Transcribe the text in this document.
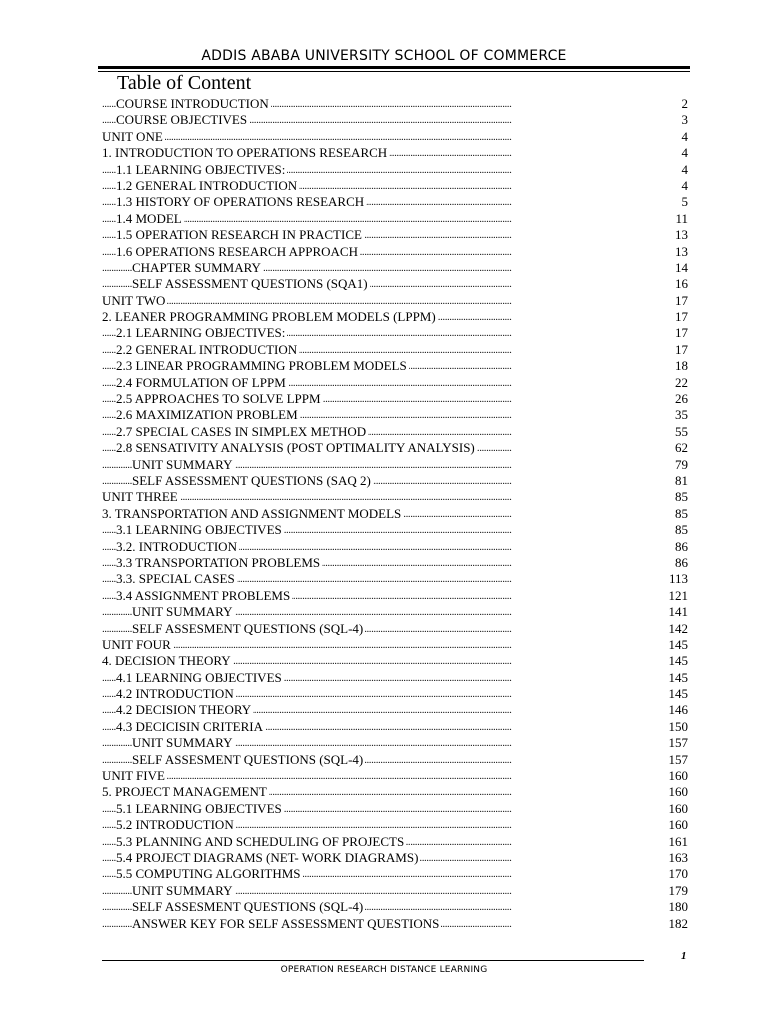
ADDIS ABABA UNIVERSITY SCHOOL OF COMMERCE
Table of Content
. . . COURSE INTRODUCTION	2
. . . COURSE OBJECTIVES	3
. . . UNIT ONE	4
. . . 1. INTRODUCTION TO OPERATIONS RESEARCH	4
. . . 1.1 LEARNING OBJECTIVES:	4
. . . 1.2 GENERAL INTRODUCTION	4
. . . 1.3 HISTORY OF OPERATIONS RESEARCH	5
. . . 1.4 MODEL	11
. . . 1.5 OPERATION RESEARCH IN PRACTICE	13
. . . 1.6 OPERATIONS RESEARCH APPROACH	13
. . . CHAPTER SUMMARY	14
. . . SELF ASSESSMENT QUESTIONS (SQA1)	16
. . . UNIT TWO	17
. . . 2. LEANER PROGRAMMING PROBLEM MODELS (LPPM)	17
. . . 2.1 LEARNING OBJECTIVES:	17
. . . 2.2 GENERAL INTRODUCTION	17
. . . 2.3 LINEAR PROGRAMMING PROBLEM MODELS	18
. . . 2.4 FORMULATION OF LPPM	22
. . . 2.5 APPROACHES TO SOLVE LPPM	26
. . . 2.6 MAXIMIZATION PROBLEM	35
. . . 2.7 SPECIAL CASES IN SIMPLEX METHOD	55
. . . 2.8 SENSATIVITY ANALYSIS (POST OPTIMALITY ANALYSIS)	62
. . . UNIT SUMMARY	79
. . . SELF ASSESSMENT QUESTIONS (SAQ 2)	81
. . . UNIT THREE	85
. . . 3. TRANSPORTATION AND ASSIGNMENT MODELS	85
. . . 3.1 LEARNING OBJECTIVES	85
. . . 3.2. INTRODUCTION	86
. . . 3.3 TRANSPORTATION PROBLEMS	86
. . . 3.3. SPECIAL CASES	113
. . . 3.4 ASSIGNMENT PROBLEMS	121
. . . UNIT SUMMARY	141
. . . SELF ASSESMENT QUESTIONS (SQL-4)	142
. . . UNIT FOUR	145
. . . 4. DECISION THEORY	145
. . . 4.1 LEARNING OBJECTIVES	145
. . . 4.2 INTRODUCTION	145
. . . 4.2 DECISION THEORY	146
. . . 4.3 DECICISIN CRITERIA	150
. . . UNIT SUMMARY	157
. . . SELF ASSESMENT QUESTIONS (SQL-4)	157
. . . UNIT FIVE	160
. . . 5. PROJECT MANAGEMENT	160
. . . 5.1 LEARNING OBJECTIVES	160
. . . 5.2 INTRODUCTION	160
. . . 5.3 PLANNING AND SCHEDULING OF PROJECTS	161
. . . 5.4 PROJECT DIAGRAMS (NET- WORK DIAGRAMS)	163
. . . 5.5 COMPUTING ALGORITHMS	170
. . . UNIT SUMMARY	179
. . . SELF ASSESMENT QUESTIONS (SQL-4)	180
. . . ANSWER KEY FOR SELF ASSESSMENT QUESTIONS	182
1
OPERATION RESEARCH DISTANCE LEARNING
